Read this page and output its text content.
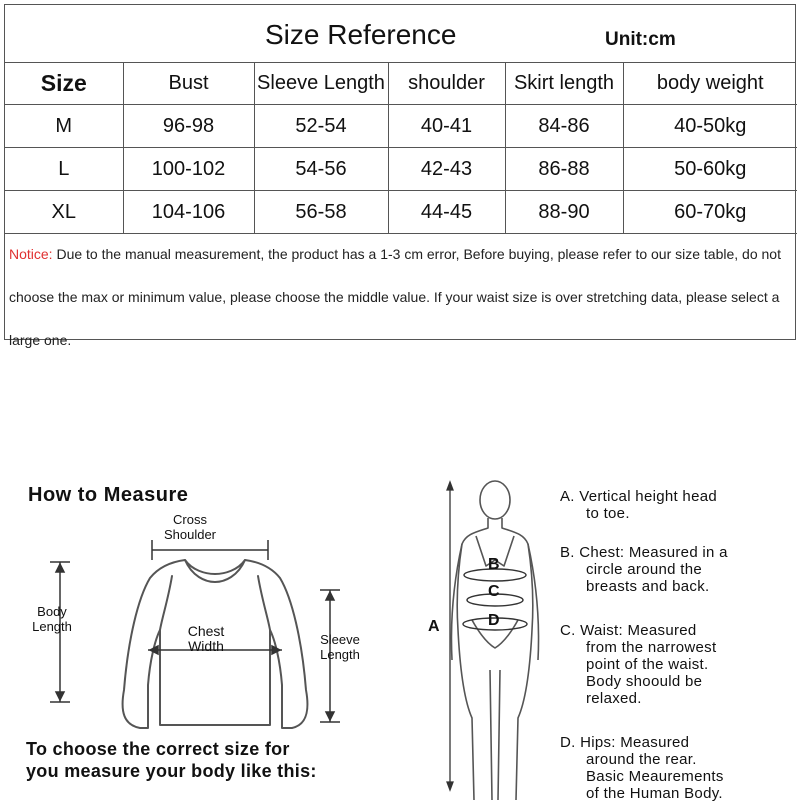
Size Reference	Unit:cm
Size	Bust	Sleeve Length	shoulder	Skirt length	body weight
M	96-98	52-54	40-41	84-86	40-50kg
L	100-102	54-56	42-43	86-88	50-60kg
XL	104-106	56-58	44-45	88-90	60-70kg
Notice: Due to the manual measurement, the product has a 1-3 cm error, Before buying, please refer to our size table, do not choose the max or minimum value, please choose the middle value. If your waist size is over stretching data, please select a large one.
How to Measure
Cross
Shoulder
Body
Length	Chest
Width	Sleeve
Length
To choose the correct size for
you measure your body like this:
A
B
C
D
A. Vertical height head
to toe.
B. Chest: Measured in a
circle around the
breasts and back.
C. Waist: Measured
from the narrowest
point of the waist.
Body shoould be
relaxed.
D. Hips: Measured
around the rear.
Basic Meaurements
of the Human Body.
